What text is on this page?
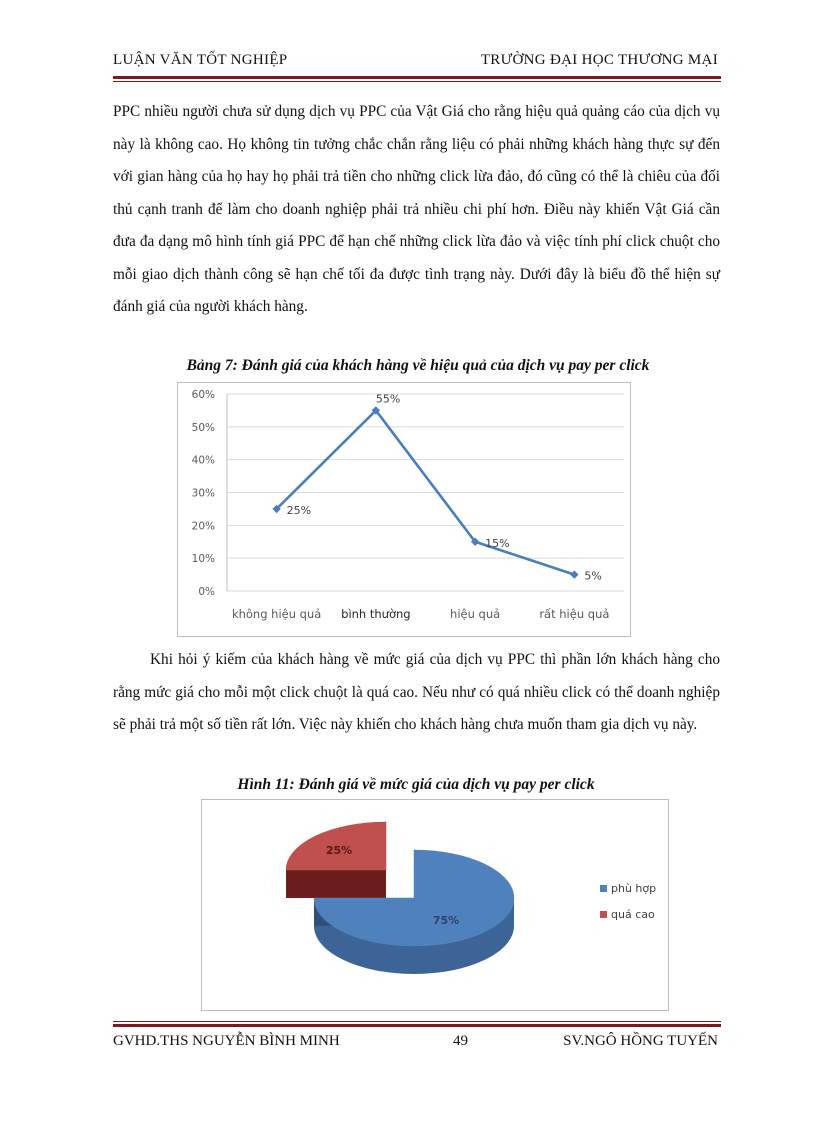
LUẬN VĂN TỐT NGHIỆP	TRƯỜNG ĐẠI HỌC THƯƠNG MẠI
PPC nhiều người chưa sử dụng dịch vụ PPC của Vật Giá cho rằng hiệu quả quảng cáo của dịch vụ này là không cao. Họ không tin tưởng chắc chắn rằng liệu có phải những khách hàng thực sự đến với gian hàng của họ hay họ phải trả tiền cho những click lừa đảo, đó cũng có thể là chiêu của đối thủ cạnh tranh để làm cho doanh nghiệp phải trả nhiều chi phí hơn. Điều này khiến Vật Giá cần đưa đa dạng mô hình tính giá PPC để hạn chế những click lừa đảo và việc tính phí click chuột cho mỗi giao dịch thành công sẽ hạn chế tối đa được tình trạng này. Dưới đây là biểu đồ thể hiện sự đánh giá của người khách hàng.
Bảng 7: Đánh giá của khách hàng về hiệu quả của dịch vụ pay per click
0%
10%
20%
30%
40%
50%
60%
25%
55%
15%
5%
không hiệu quả bình thường	hiệu quả	rất hiệu quả
Khi hỏi ý kiếm của khách hàng về mức giá của dịch vụ PPC thì phần lớn khách hàng cho rằng mức giá cho mỗi một click chuột là quá cao. Nếu như có quá nhiều click có thể doanh nghiệp sẽ phải trả một số tiền rất lớn. Việc này khiến cho khách hàng chưa muốn tham gia dịch vụ này.
Hình 11: Đánh giá về mức giá của dịch vụ pay per click
75%
25%
phù hợp
quá cao
GVHD.THS NGUYỄN BÌNH MINH	49	SV.NGÔ HỒNG TUYẾN
